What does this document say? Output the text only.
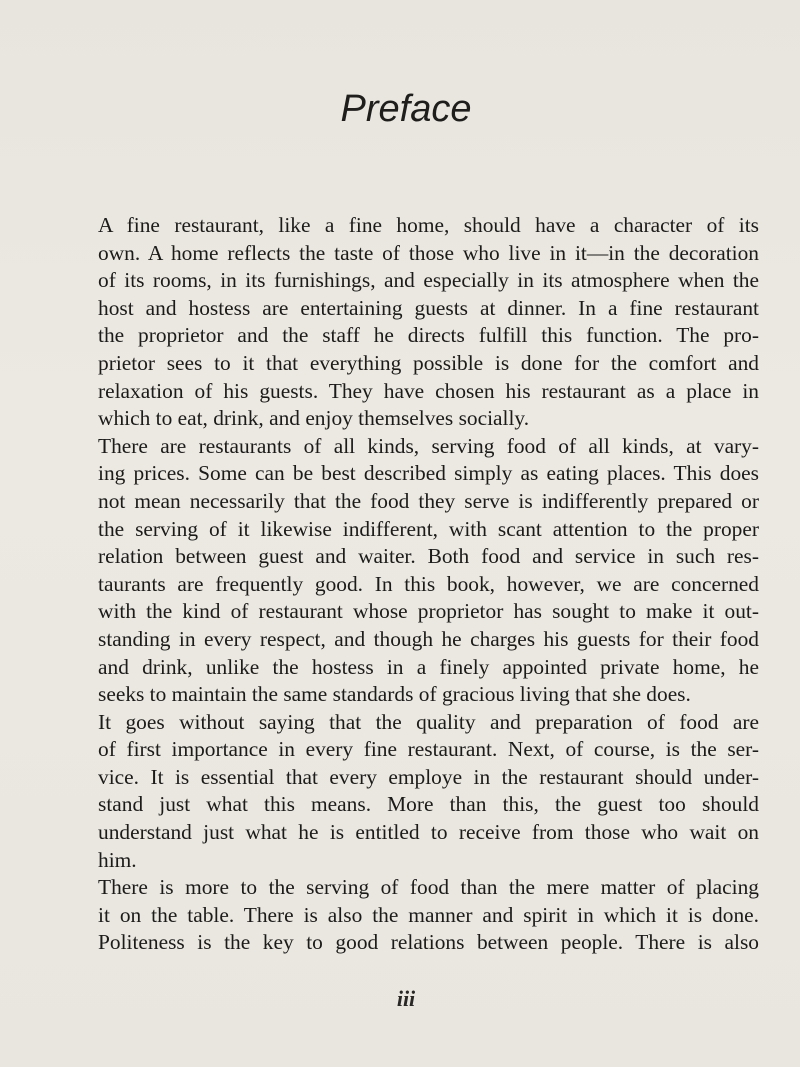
Preface

A fine restaurant, like a fine home, should have a character of its
own. A home reflects the taste of those who live in it—in the decoration
of its rooms, in its furnishings, and especially in its atmosphere when the
host and hostess are entertaining guests at dinner. In a fine restaurant
the proprietor and the staff he directs fulfill this function. The pro-
prietor sees to it that everything possible is done for the comfort and
relaxation of his guests. They have chosen his restaurant as a place in
which to eat, drink, and enjoy themselves socially.

There are restaurants of all kinds, serving food of all kinds, at vary-
ing prices. Some can be best described simply as eating places. This does
not mean necessarily that the food they serve is indifferently prepared or
the serving of it likewise indifferent, with scant attention to the proper
relation between guest and waiter. Both food and service in such res-
taurants are frequently good. In this book, however, we are concerned
with the kind of restaurant whose proprietor has sought to make it out-
standing in every respect, and though he charges his guests for their food
and drink, unlike the hostess in a finely appointed private home, he
seeks to maintain the same standards of gracious living that she does.

It goes without saying that the quality and preparation of food are
of first importance in every fine restaurant. Next, of course, is the ser-
vice. It is essential that every employe in the restaurant should under-
stand just what this means. More than this, the guest too should
understand just what he is entitled to receive from those who wait on
him.

There is more to the serving of food than the mere matter of placing
it on the table. There is also the manner and spirit in which it is done.
Politeness is the key to good relations between people. There is also

iii
